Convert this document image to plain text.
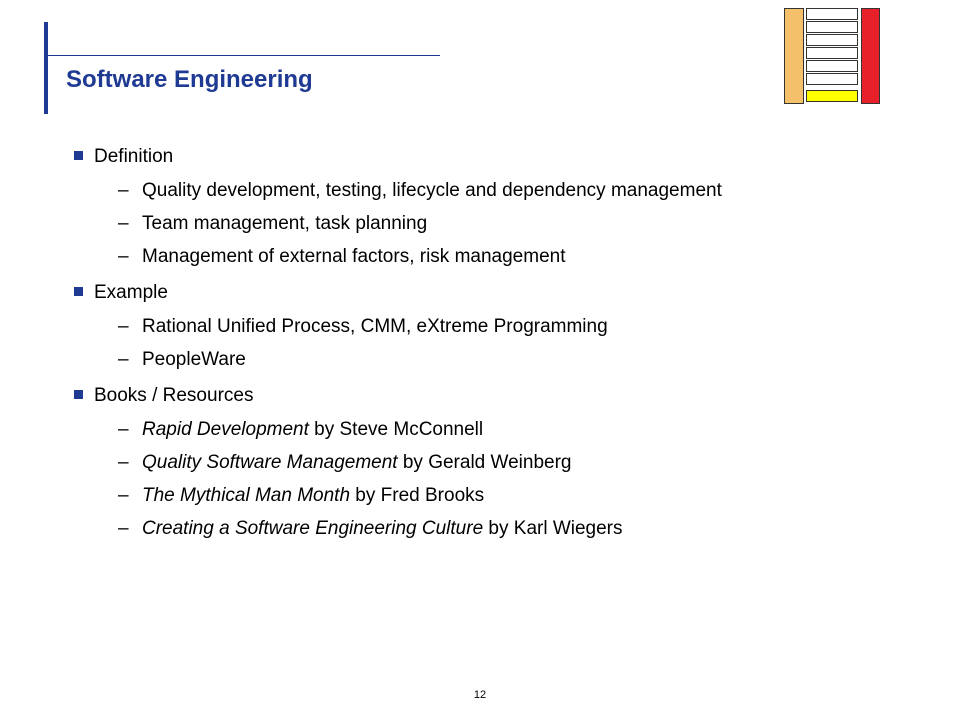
Software Engineering
Definition
– Quality development, testing, lifecycle and dependency management
– Team management, task planning
– Management of external factors, risk management
Example
– Rational Unified Process, CMM, eXtreme Programming
– PeopleWare
Books / Resources
– Rapid Development by Steve McConnell
– Quality Software Management by Gerald Weinberg
– The Mythical Man Month by Fred Brooks
– Creating a Software Engineering Culture by Karl Wiegers
12
